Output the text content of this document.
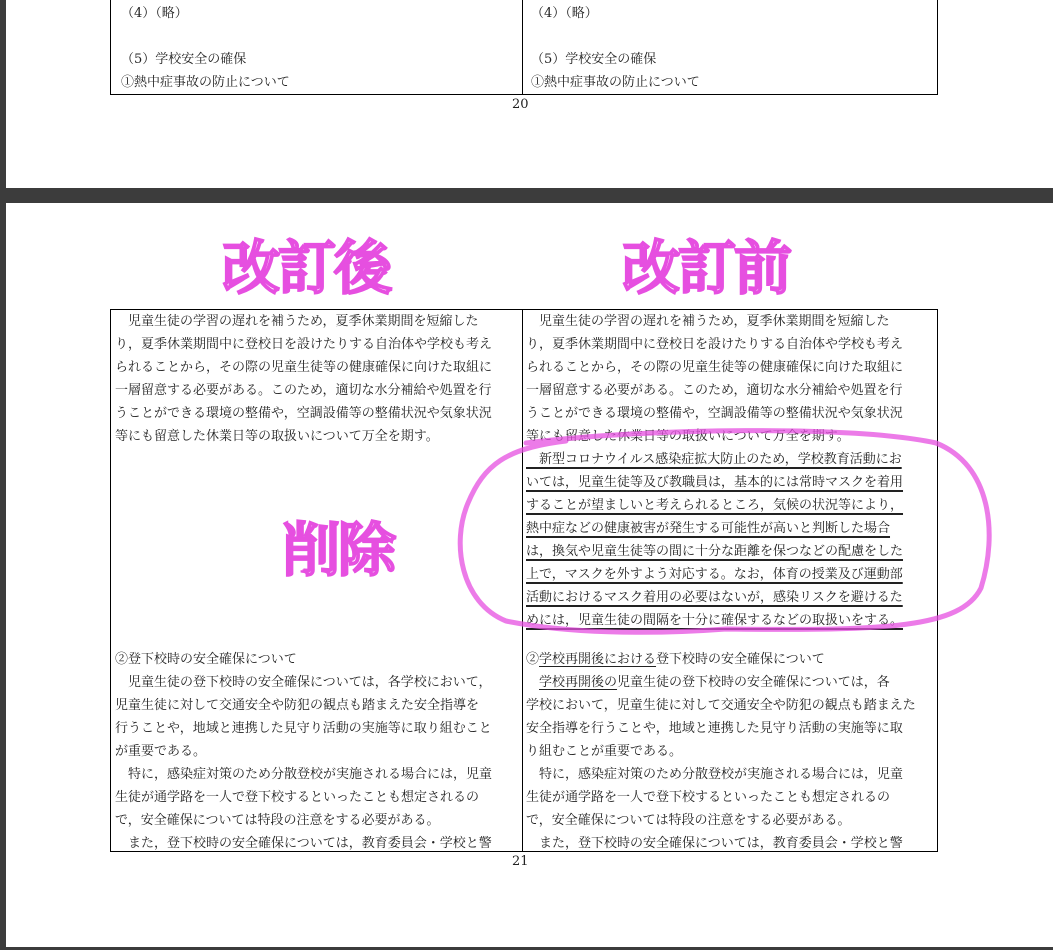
（4）（略）
（5）学校安全の確保
①熱中症事故の防止について
（4）（略）
（5）学校安全の確保
①熱中症事故の防止について
20
改訂後	改訂前
　児童生徒の学習の遅れを補うため，夏季休業期間を短縮した
り，夏季休業期間中に登校日を設けたりする自治体や学校も考え
られることから，その際の児童生徒等の健康確保に向けた取組に
一層留意する必要がある。このため，適切な水分補給や処置を行
うことができる環境の整備や，空調設備等の整備状況や気象状況
等にも留意した休業日等の取扱いについて万全を期す。
②登下校時の安全確保について
　児童生徒の登下校時の安全確保については，各学校において，
児童生徒に対して交通安全や防犯の観点も踏まえた安全指導を
行うことや，地域と連携した見守り活動の実施等に取り組むこと
が重要である。
　特に，感染症対策のため分散登校が実施される場合には，児童
生徒が通学路を一人で登下校するといったことも想定されるの
で，安全確保については特段の注意をする必要がある。
　また，登下校時の安全確保については，教育委員会・学校と警
　児童生徒の学習の遅れを補うため，夏季休業期間を短縮した
り，夏季休業期間中に登校日を設けたりする自治体や学校も考え
られることから，その際の児童生徒等の健康確保に向けた取組に
一層留意する必要がある。このため，適切な水分補給や処置を行
うことができる環境の整備や，空調設備等の整備状況や気象状況
等にも留意した休業日等の取扱いについて万全を期す。
　新型コロナウイルス感染症拡大防止のため，学校教育活動にお
いては，児童生徒等及び教職員は，基本的には常時マスクを着用
することが望ましいと考えられるところ，気候の状況等により，
熱中症などの健康被害が発生する可能性が高いと判断した場合
は，換気や児童生徒等の間に十分な距離を保つなどの配慮をした
上で，マスクを外すよう対応する。なお，体育の授業及び運動部
活動におけるマスク着用の必要はないが，感染リスクを避けるた
めには，児童生徒の間隔を十分に確保するなどの取扱いをする。
②学校再開後における登下校時の安全確保について
　学校再開後の児童生徒の登下校時の安全確保については，各
学校において，児童生徒に対して交通安全や防犯の観点も踏まえた
安全指導を行うことや，地域と連携した見守り活動の実施等に取
り組むことが重要である。
　特に，感染症対策のため分散登校が実施される場合には，児童
生徒が通学路を一人で登下校するといったことも想定されるの
で，安全確保については特段の注意をする必要がある。
　また，登下校時の安全確保については，教育委員会・学校と警
削除
21
